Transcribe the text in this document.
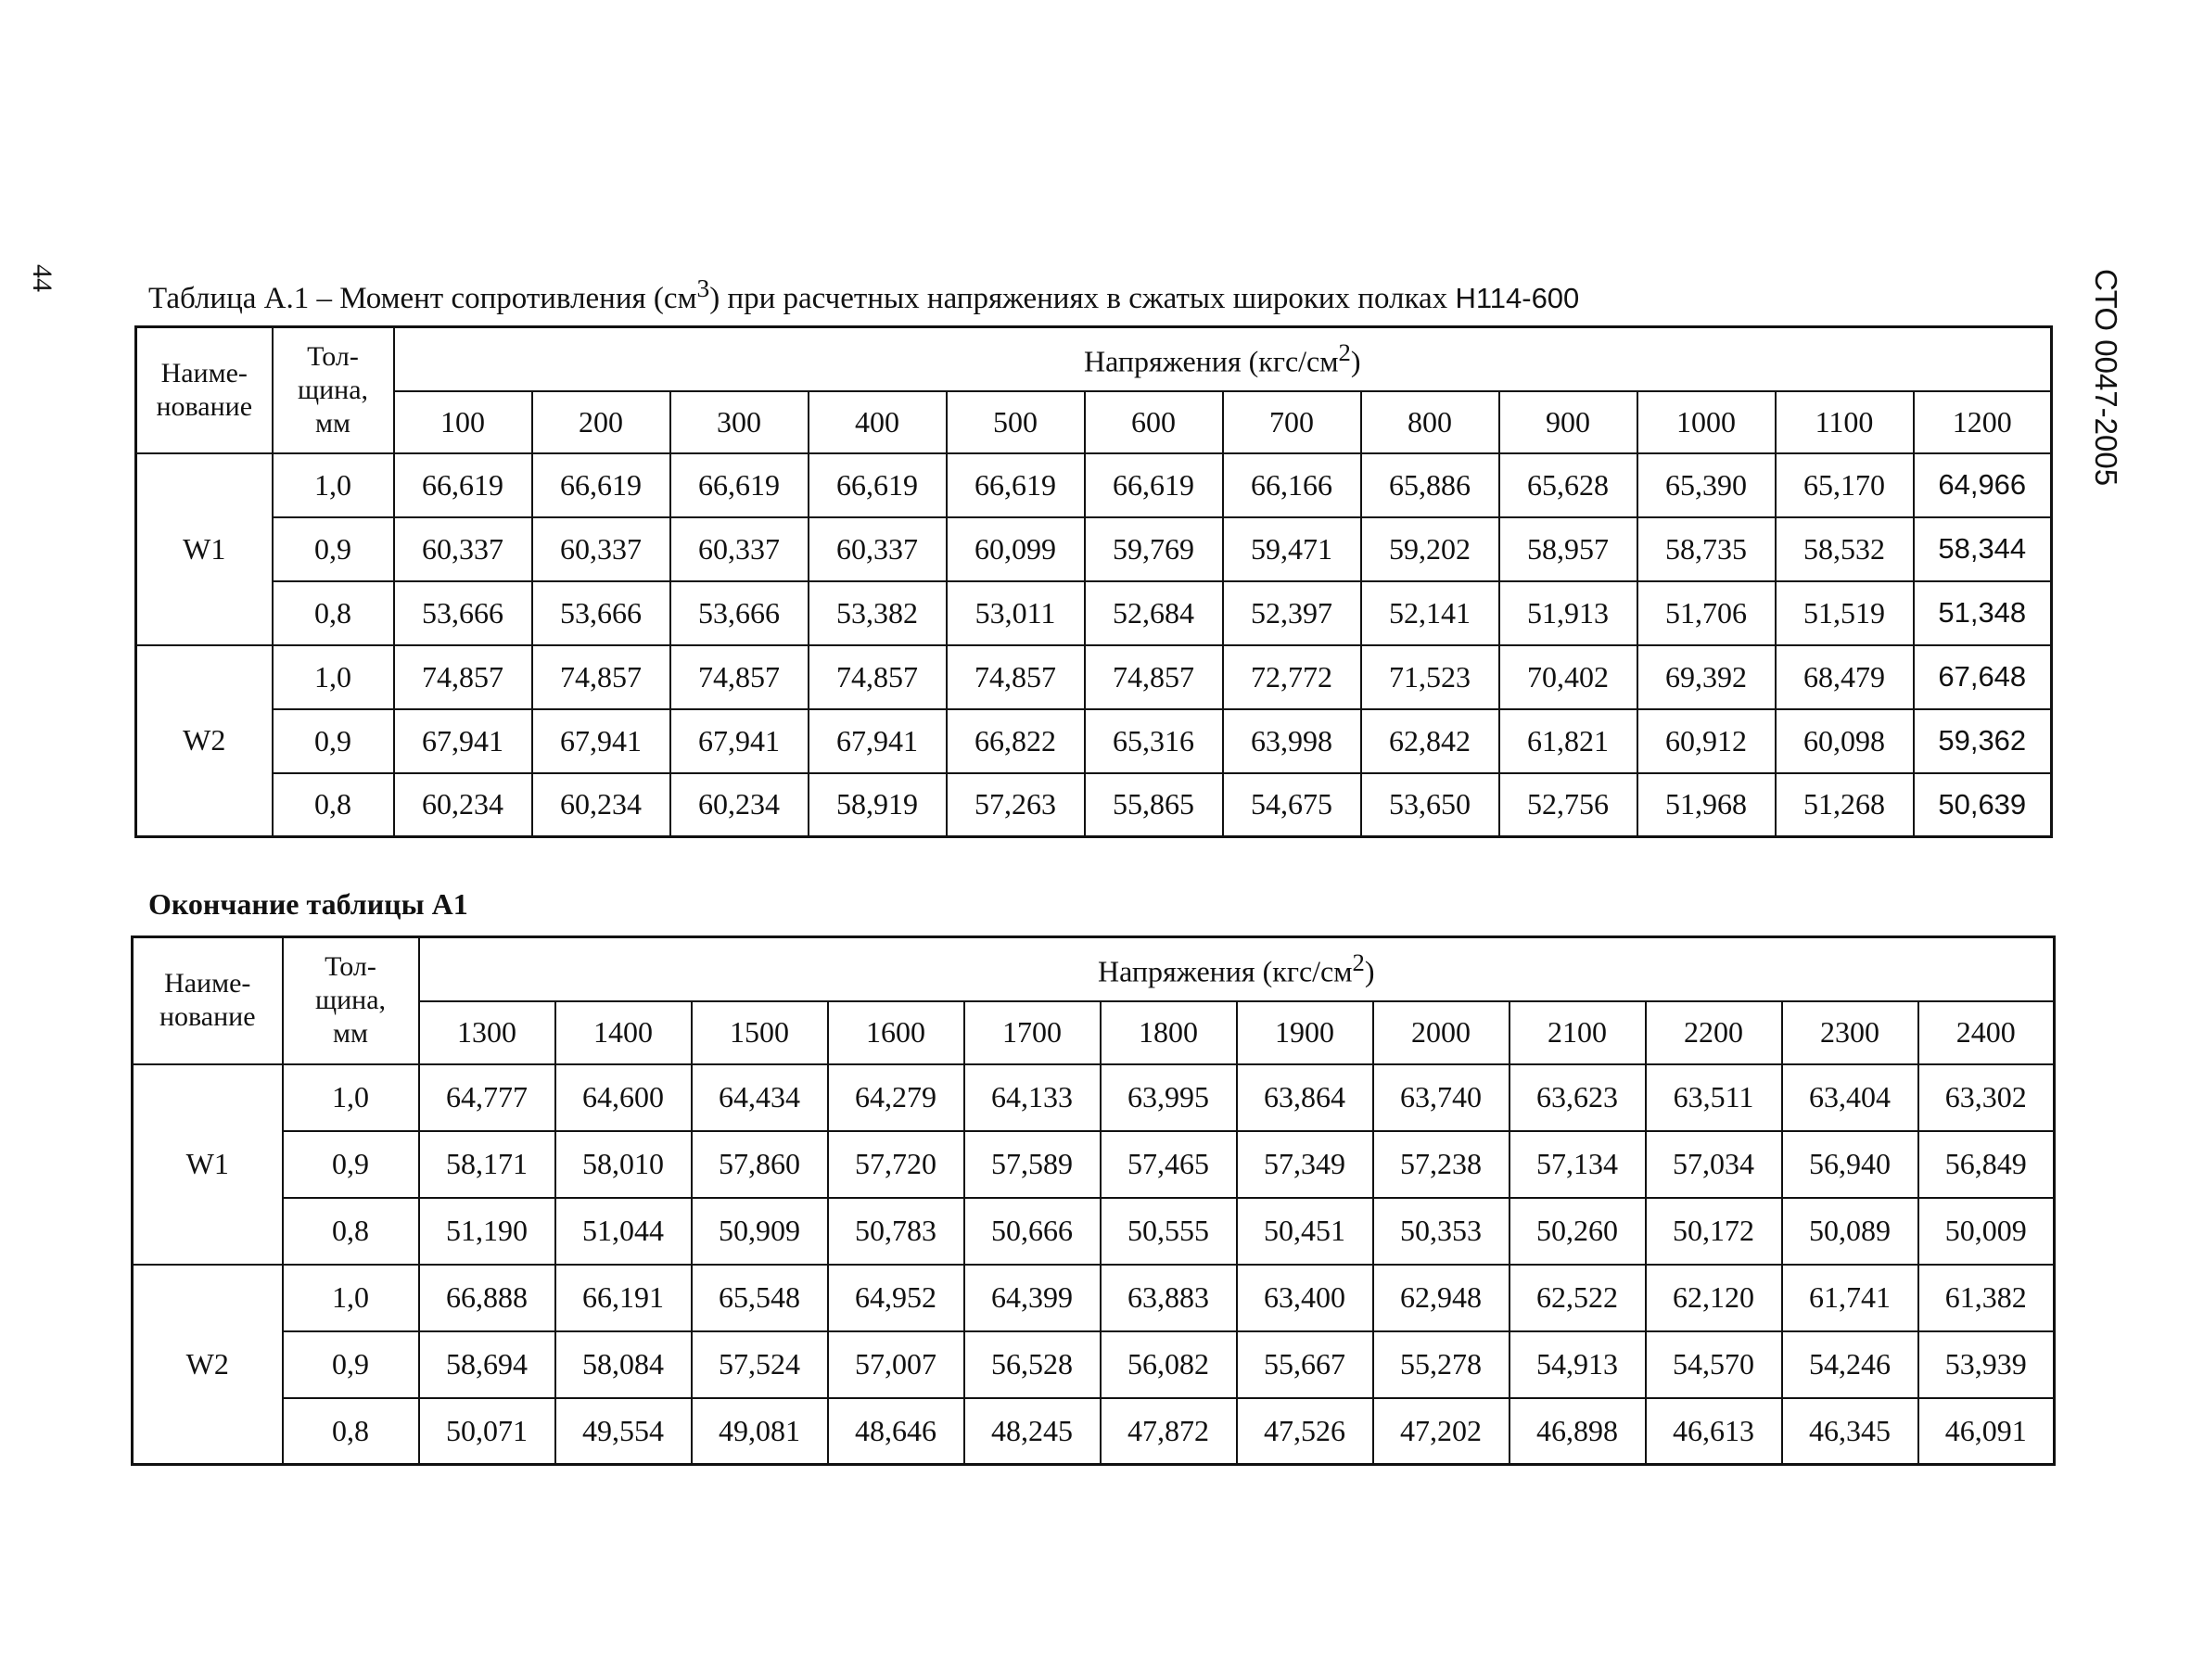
44	СТО 0047-2005
Таблица А.1 – Момент сопротивления $(см^3)$ при расчетных напряжениях в сжатых широких полках Н114-600
Наиме-
нование	Тол-
щина,
мм	Напряжения $(кгс/см^2)$											
		100	200	300	400	500	600	700	800	900	1000	1100	1200
W1	1,0	66,619	66,619	66,619	66,619	66,619	66,619	66,166	65,886	65,628	65,390	65,170	64,966
	0,9	60,337	60,337	60,337	60,337	60,099	59,769	59,471	59,202	58,957	58,735	58,532	58,344
	0,8	53,666	53,666	53,666	53,382	53,011	52,684	52,397	52,141	51,913	51,706	51,519	51,348
W2	1,0	74,857	74,857	74,857	74,857	74,857	74,857	72,772	71,523	70,402	69,392	68,479	67,648
	0,9	67,941	67,941	67,941	67,941	66,822	65,316	63,998	62,842	61,821	60,912	60,098	59,362
	0,8	60,234	60,234	60,234	58,919	57,263	55,865	54,675	53,650	52,756	51,968	51,268	50,639
Окончание таблицы А1
Наиме-
нование	Тол-
щина,
мм	Напряжения $(кгс/см^2)$											
		1300	1400	1500	1600	1700	1800	1900	2000	2100	2200	2300	2400
W1	1,0	64,777	64,600	64,434	64,279	64,133	63,995	63,864	63,740	63,623	63,511	63,404	63,302
	0,9	58,171	58,010	57,860	57,720	57,589	57,465	57,349	57,238	57,134	57,034	56,940	56,849
	0,8	51,190	51,044	50,909	50,783	50,666	50,555	50,451	50,353	50,260	50,172	50,089	50,009
W2	1,0	66,888	66,191	65,548	64,952	64,399	63,883	63,400	62,948	62,522	62,120	61,741	61,382
	0,9	58,694	58,084	57,524	57,007	56,528	56,082	55,667	55,278	54,913	54,570	54,246	53,939
	0,8	50,071	49,554	49,081	48,646	48,245	47,872	47,526	47,202	46,898	46,613	46,345	46,091
